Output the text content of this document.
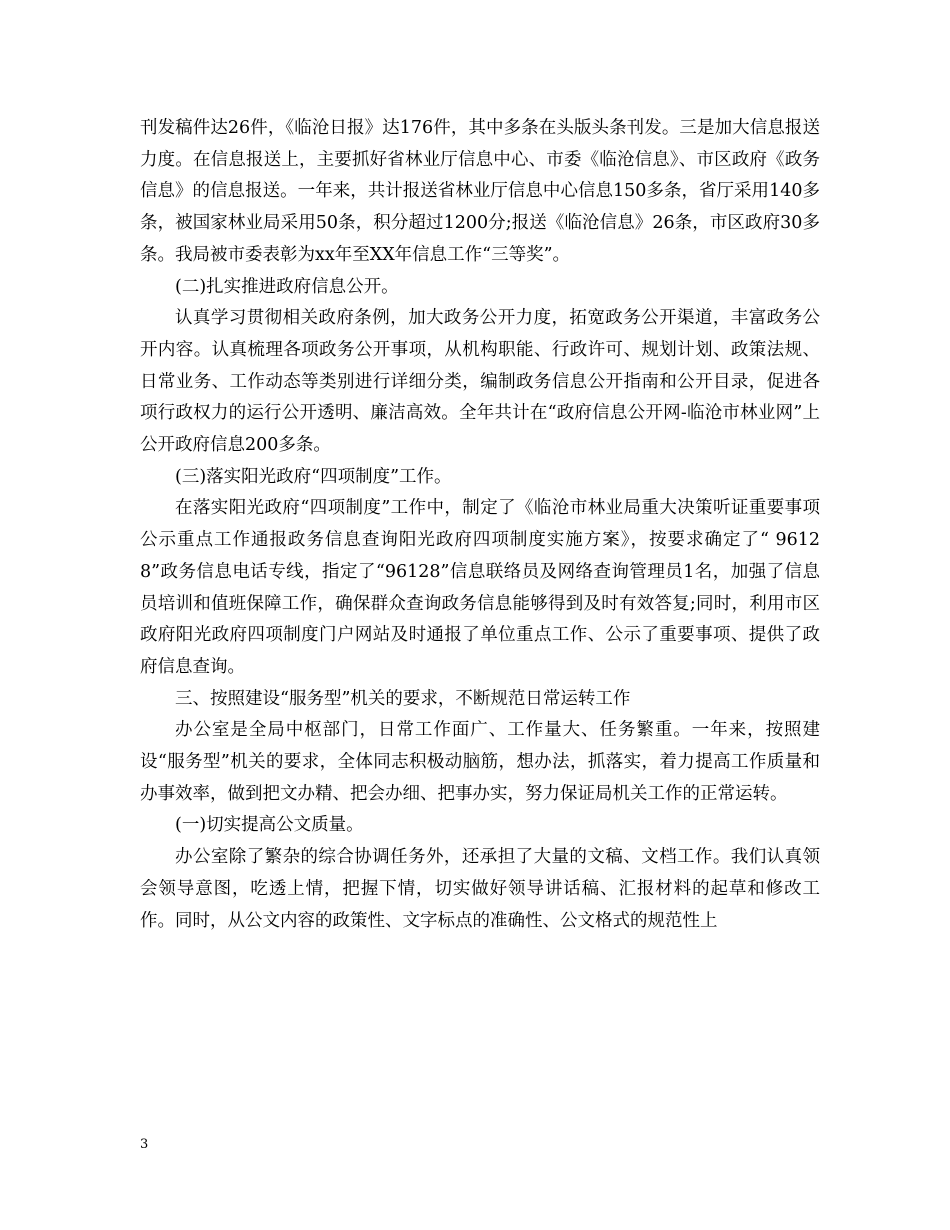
刊发稿件达26件，《临沧日报》达176件，其中多条在头版头条刊发。三是加大信息报送力度。在信息报送上，主要抓好省林业厅信息中心、市委《临沧信息》、市区政府《政务信息》的信息报送。一年来，共计报送省林业厅信息中心信息150多条，省厅采用140多条，被国家林业局采用50条，积分超过1200分;报送《临沧信息》26条，市区政府30多条。我局被市委表彰为xx年至XX年信息工作“三等奖”。

(二)扎实推进政府信息公开。

认真学习贯彻相关政府条例，加大政务公开力度，拓宽政务公开渠道，丰富政务公开内容。认真梳理各项政务公开事项，从机构职能、行政许可、规划计划、政策法规、日常业务、工作动态等类别进行详细分类，编制政务信息公开指南和公开目录，促进各项行政权力的运行公开透明、廉洁高效。全年共计在“政府信息公开网-临沧市林业网”上公开政府信息200多条。

(三)落实阳光政府“四项制度”工作。

在落实阳光政府“四项制度”工作中，制定了《临沧市林业局重大决策听证重要事项公示重点工作通报政务信息查询阳光政府四项制度实施方案》，按要求确定了“ 96128”政务信息电话专线，指定了“96128”信息联络员及网络查询管理员1名，加强了信息员培训和值班保障工作，确保群众查询政务信息能够得到及时有效答复;同时，利用市区政府阳光政府四项制度门户网站及时通报了单位重点工作、公示了重要事项、提供了政府信息查询。

三、按照建设“服务型”机关的要求，不断规范日常运转工作

办公室是全局中枢部门，日常工作面广、工作量大、任务繁重。一年来，按照建设“服务型”机关的要求，全体同志积极动脑筋，想办法，抓落实，着力提高工作质量和办事效率，做到把文办精、把会办细、把事办实，努力保证局机关工作的正常运转。

(一)切实提高公文质量。

办公室除了繁杂的综合协调任务外，还承担了大量的文稿、文档工作。我们认真领会领导意图，吃透上情，把握下情，切实做好领导讲话稿、汇报材料的起草和修改工作。同时，从公文内容的政策性、文字标点的准确性、公文格式的规范性上

3
